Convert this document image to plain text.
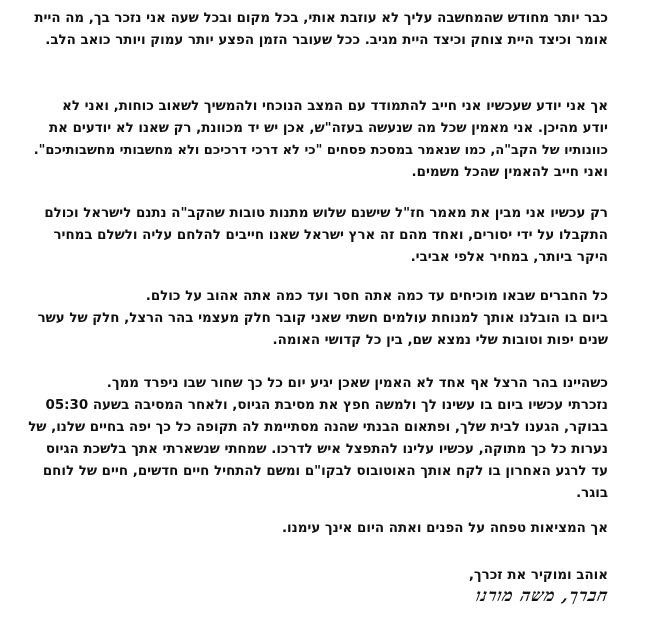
כבר יותר מחודש שהמחשבה עליך לא עוזבת אותי, בכל מקום ובכל שעה אני נזכר בך, מה היית
אומר וכיצד היית צוחק וכיצד היית מגיב. ככל שעובר הזמן הפצע יותר עמוק ויותר כואב הלב.

אך אני יודע שעכשיו אני חייב להתמודד עם המצב הנוכחי ולהמשיך לשאוב כוחות, ואני לא
יודע מהיכן. אני מאמין שכל מה שנעשה בעזה"ש, אכן יש יד מכוונת, רק שאנו לא יודעים את
כוונותיו של הקב"ה, כמו שנאמר במסכת פסחים "כי לא דרכי דרכיכם ולא מחשבותי מחשבותיכם".
ואני חייב להאמין שהכל משמים.

רק עכשיו אני מבין את מאמר חז"ל שישנם שלוש מתנות טובות שהקב"ה נתנם לישראל וכולם
התקבלו על ידי יסורים, ואחד מהם זה ארץ ישראל שאנו חייבים להלחם עליה ולשלם במחיר
היקר ביותר, במחיר אלפי אביבי.

כל החברים שבאו מוכיחים עד כמה אתה חסר ועד כמה אתה אהוב על כולם.
ביום בו הובלנו אותך למנוחת עולמים חשתי שאני קובר חלק מעצמי בהר הרצל, חלק של עשר
שנים יפות וטובות שלי נמצא שם, בין כל קדושי האומה.

כשהיינו בהר הרצל אף אחד לא האמין שאכן יגיע יום כל כך שחור שבו ניפרד ממך.
נזכרתי עכשיו ביום בו עשינו לך ולמשה חפץ את מסיבת הגיוס, ולאחר המסיבה בשעה 05:30
בבוקר, הגענו לבית שלך, ופתאום הבנתי שהנה מסתיימת לה תקופה כל כך יפה בחיים שלנו, של
נערות כל כך מתוקה, עכשיו עלינו להתפצל איש לדרכו. שמחתי שנשארתי אתך בלשכת הגיוס
עד לרגע האחרון בו לקח אותך האוטובוס לבקו"ם ומשם להתחיל חיים חדשים, חיים של לוחם
בוגר.

אך המציאות טפחה על הפנים ואתה היום אינך עימנו.

אוהב ומוקיר את זכרך,
חברך, משה מורנו
